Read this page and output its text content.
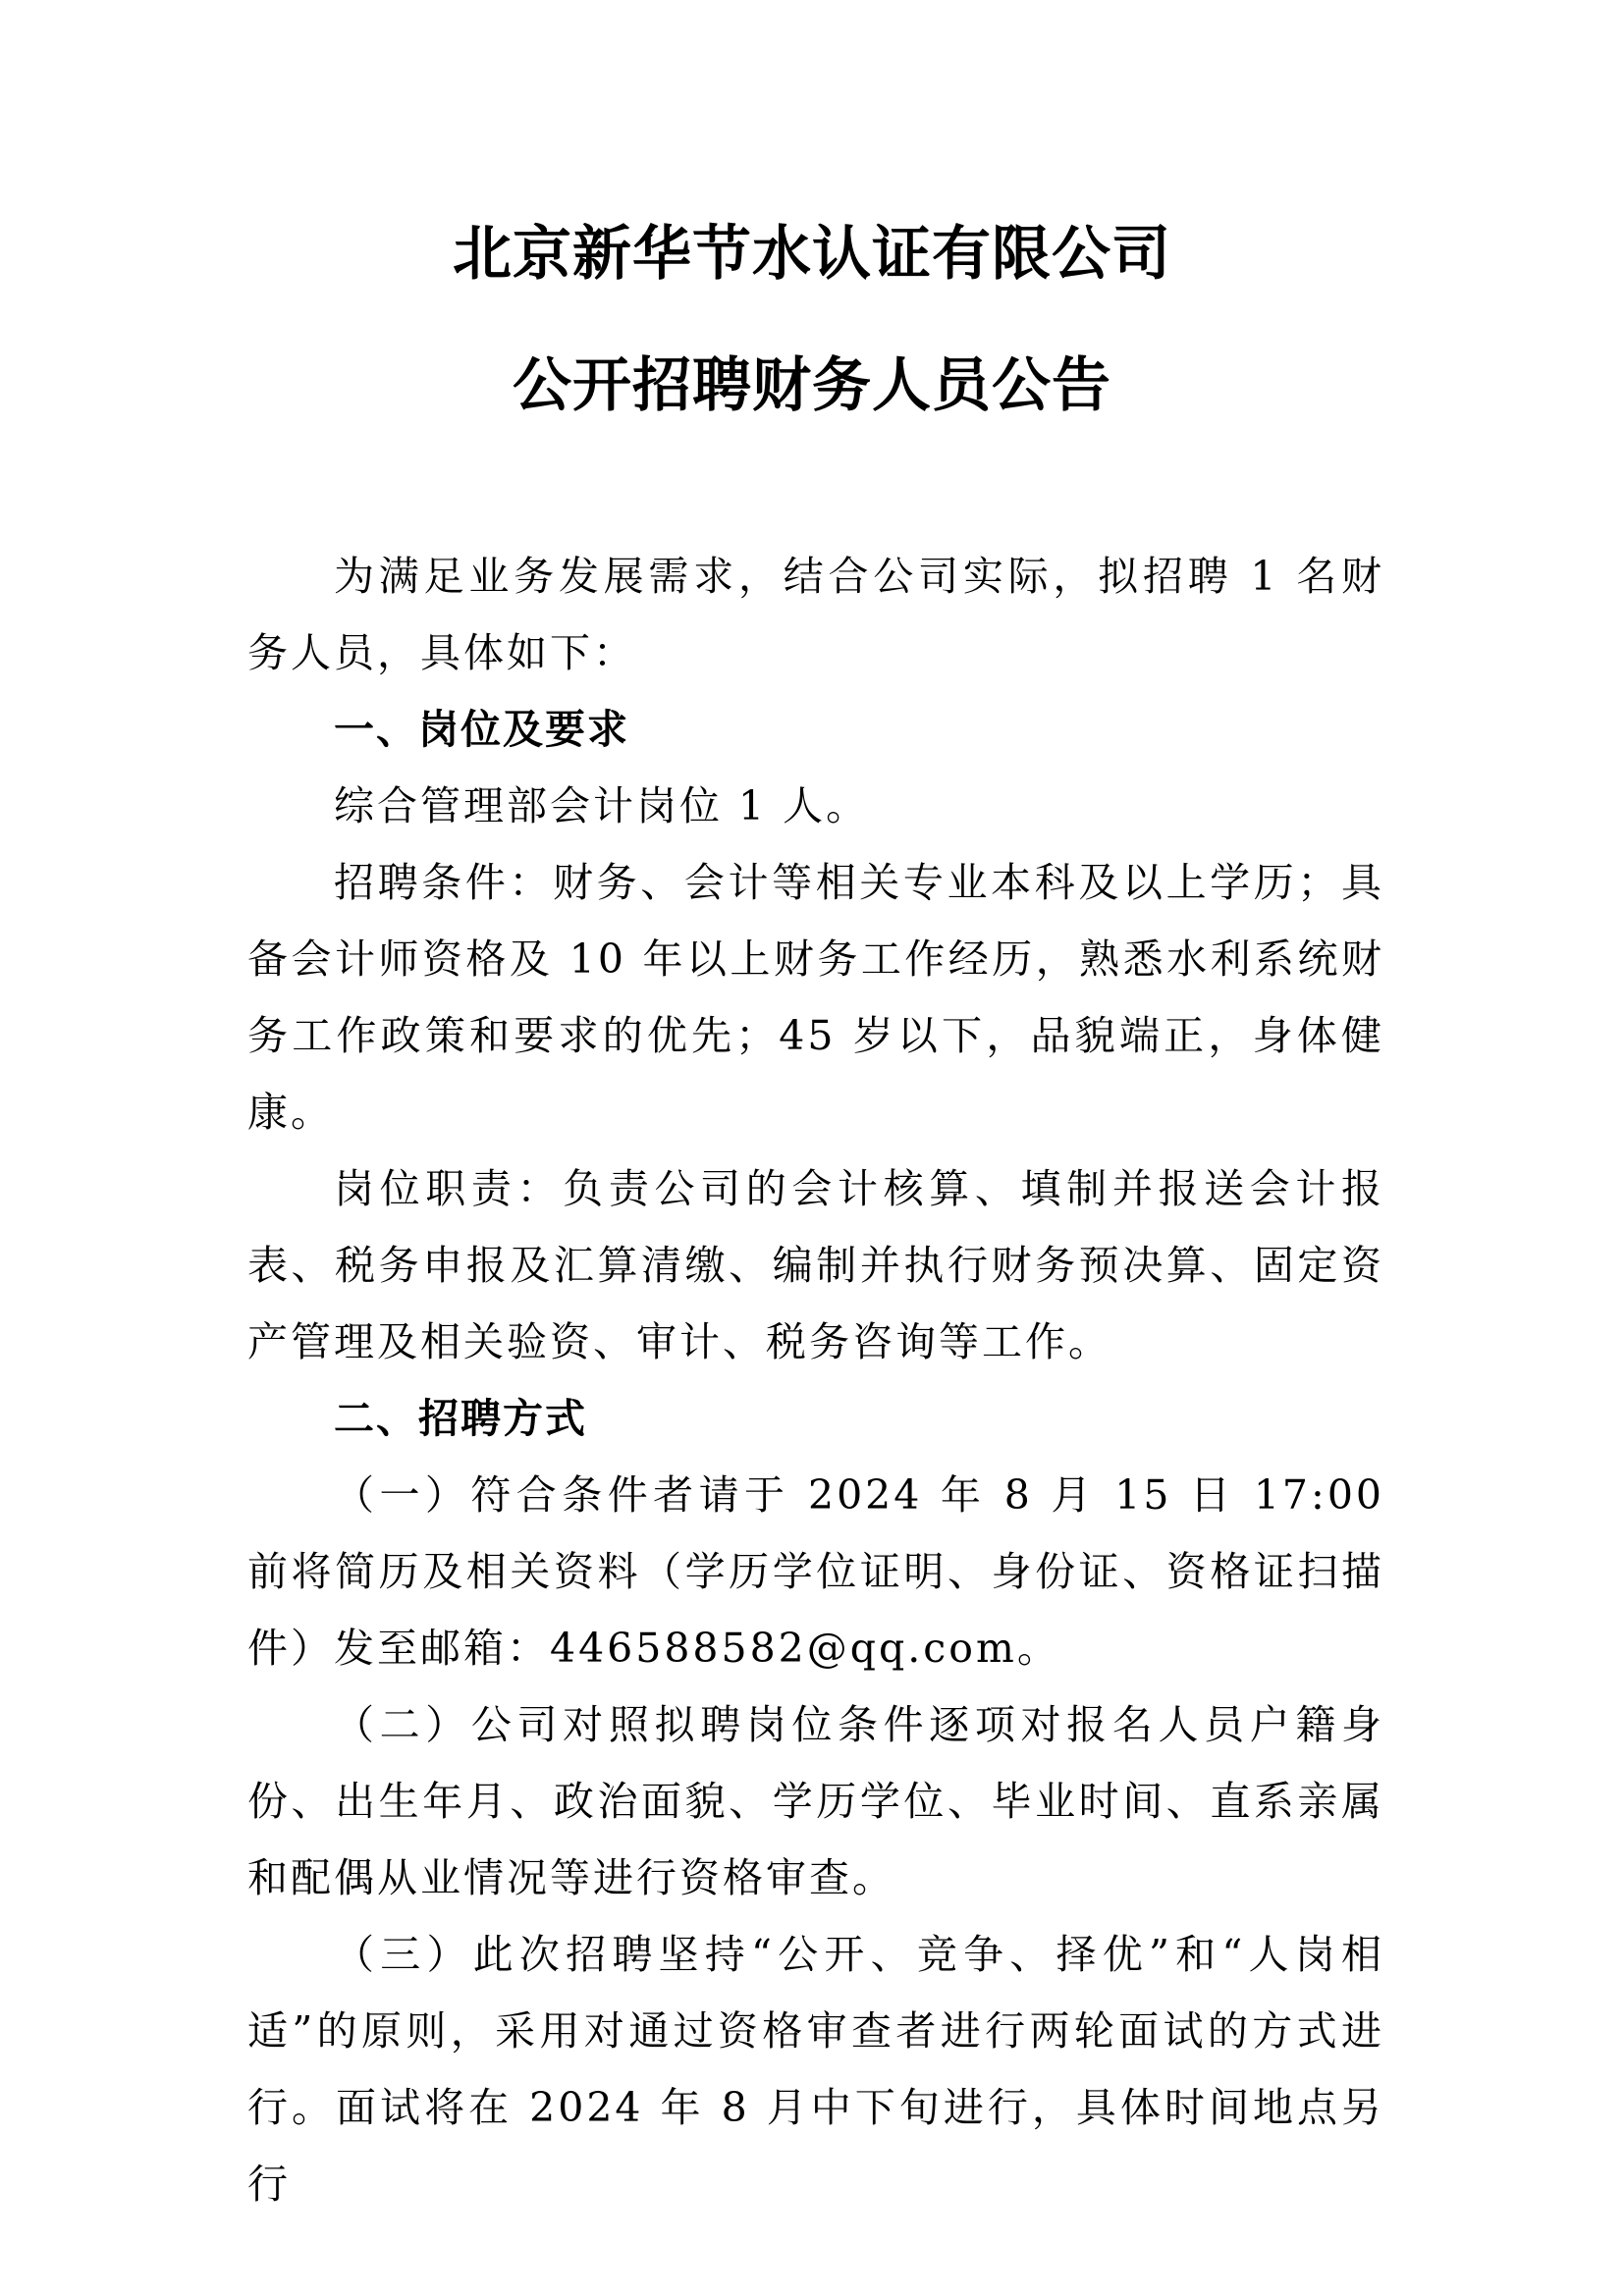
北京新华节水认证有限公司
公开招聘财务人员公告

为满足业务发展需求，结合公司实际，拟招聘 1 名财务人员，具体如下：

一、岗位及要求

综合管理部会计岗位 1 人。

招聘条件：财务、会计等相关专业本科及以上学历；具备会计师资格及 10 年以上财务工作经历，熟悉水利系统财务工作政策和要求的优先；45 岁以下，品貌端正，身体健康。

岗位职责：负责公司的会计核算、填制并报送会计报表、税务申报及汇算清缴、编制并执行财务预决算、固定资产管理及相关验资、审计、税务咨询等工作。

二、招聘方式

（一）符合条件者请于 2024 年 8 月 15 日 17:00 前将简历及相关资料（学历学位证明、身份证、资格证扫描件）发至邮箱：446588582@qq.com。

（二）公司对照拟聘岗位条件逐项对报名人员户籍身份、出生年月、政治面貌、学历学位、毕业时间、直系亲属和配偶从业情况等进行资格审查。

（三）此次招聘坚持“公开、竞争、择优”和“人岗相适”的原则，采用对通过资格审查者进行两轮面试的方式进行。面试将在 2024 年 8 月中下旬进行，具体时间地点另行
